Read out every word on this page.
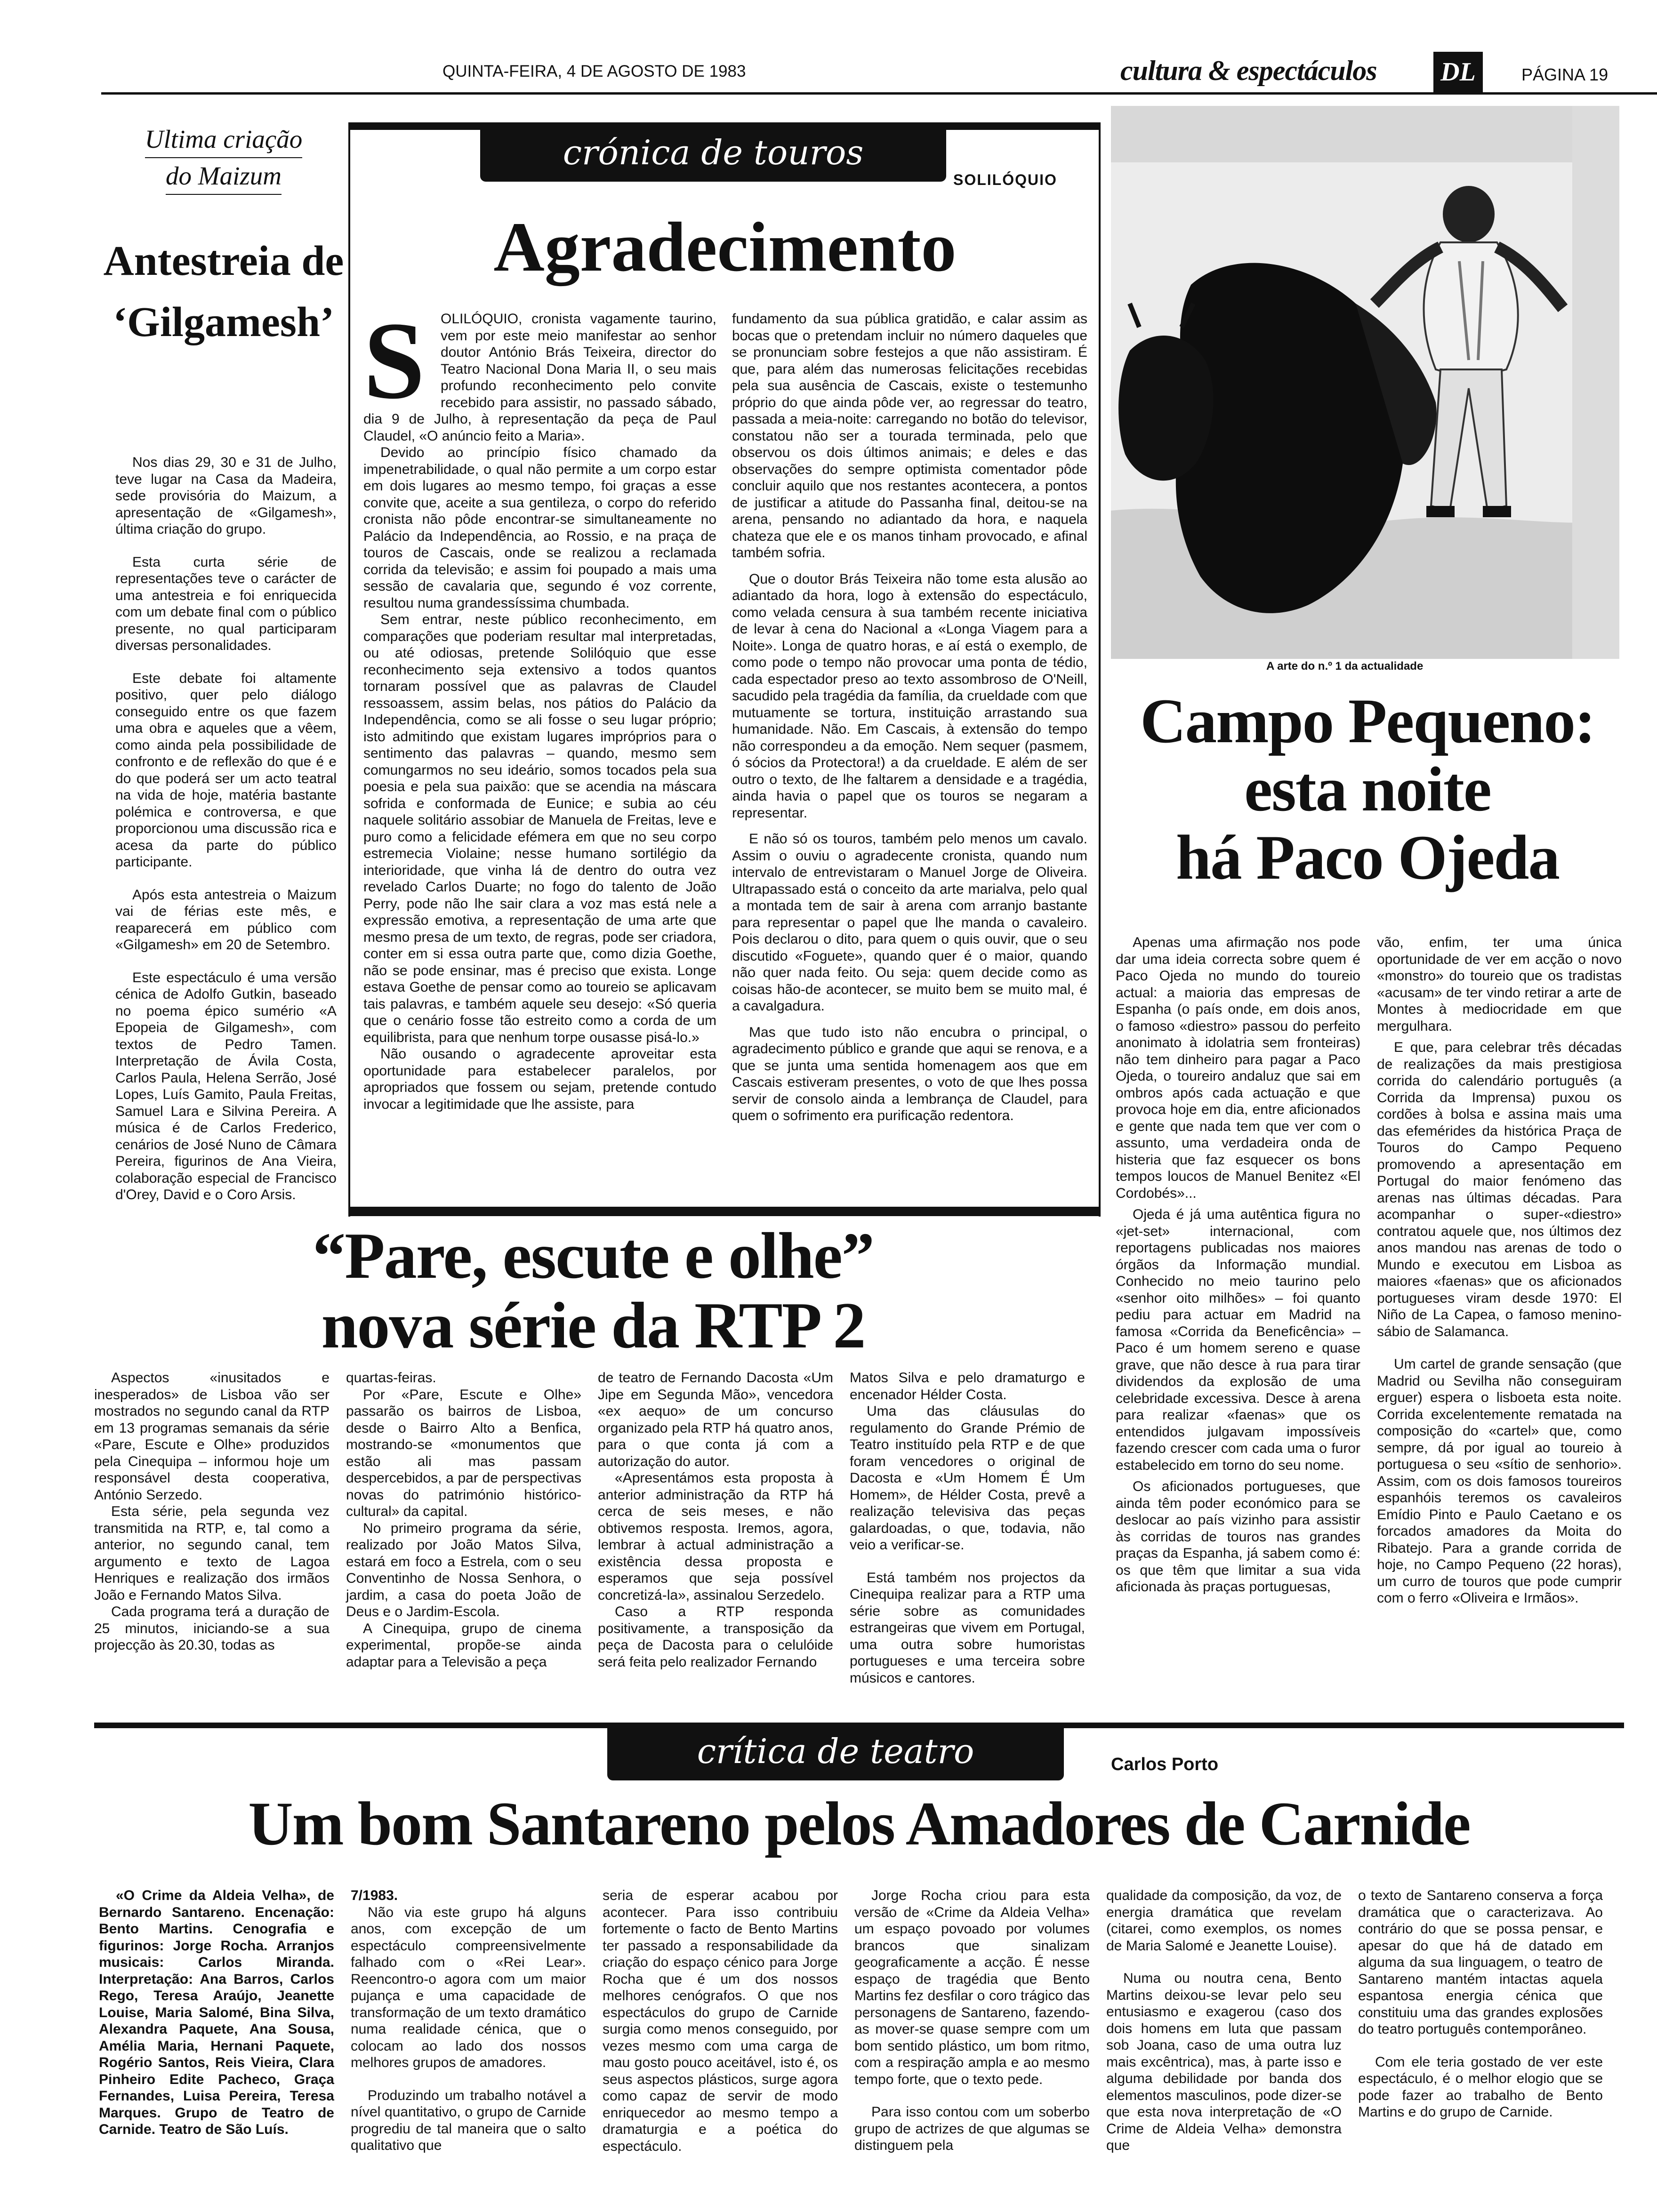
QUINTA-FEIRA, 4 DE AGOSTO DE 1983	cultura & espectáculos DL	PÁGINA 19
Ultima criação
do Maizum
Antestreia de ‘Gilgamesh’

Nos dias 29, 30 e 31 de Julho, teve lugar na Casa da Madeira, sede provisória do Maizum, a apresentação de «Gilgamesh», última criação do grupo.

Esta curta série de representações teve o carácter de uma antestreia e foi enriquecida com um debate final com o público presente, no qual participaram diversas personalidades.

Este debate foi altamente positivo, quer pelo diálogo conseguido entre os que fazem uma obra e aqueles que a vêem, como ainda pela possibilidade de confronto e de reflexão do que é e do que poderá ser um acto teatral na vida de hoje, matéria bastante polémica e controversa, e que proporcionou uma discussão rica e acesa da parte do público participante.

Após esta antestreia o Maizum vai de férias este mês, e reaparecerá em público com «Gilgamesh» em 20 de Setembro.

Este espectáculo é uma versão cénica de Adolfo Gutkin, baseado no poema épico sumério «A Epopeia de Gilgamesh», com textos de Pedro Tamen. Interpretação de Ávila Costa, Carlos Paula, Helena Serrão, José Lopes, Luís Gamito, Paula Freitas, Samuel Lara e Silvina Pereira. A música é de Carlos Frederico, cenários de José Nuno de Câmara Pereira, figurinos de Ana Vieira, colaboração especial de Francisco d'Orey, David e o Coro Arsis.

crónica de touros
SOLILÓQUIO
Agradecimento
S	OLILÓQUIO, cronista vagamente taurino, vem por este meio manifestar ao senhor doutor António Brás Teixeira, director do Teatro Nacional Dona Maria II, o seu mais profundo reconhecimento pelo convite recebido para assistir, no passado sábado, dia 9 de Julho, à representação da peça de Paul Claudel, «O anúncio feito a Maria».

Devido ao princípio físico chamado da impenetrabilidade, o qual não permite a um corpo estar em dois lugares ao mesmo tempo, foi graças a esse convite que, aceite a sua gentileza, o corpo do referido cronista não pôde encontrar-se simultaneamente no Palácio da Independência, ao Rossio, e na praça de touros de Cascais, onde se realizou a reclamada corrida da televisão; e assim foi poupado a mais uma sessão de cavalaria que, segundo é voz corrente, resultou numa grandessíssima chumbada.

Sem entrar, neste público reconhecimento, em comparações que poderiam resultar mal interpretadas, ou até odiosas, pretende Solilóquio que esse reconhecimento seja extensivo a todos quantos tornaram possível que as palavras de Claudel ressoassem, assim belas, nos pátios do Palácio da Independência, como se ali fosse o seu lugar próprio; isto admitindo que existam lugares impróprios para o sentimento das palavras – quando, mesmo sem comungarmos no seu ideário, somos tocados pela sua poesia e pela sua paixão: que se acendia na máscara sofrida e conformada de Eunice; e subia ao céu naquele solitário assobiar de Manuela de Freitas, leve e puro como a felicidade efémera em que no seu corpo estremecia Violaine; nesse humano sortilégio da interioridade, que vinha lá de dentro do outra vez revelado Carlos Duarte; no fogo do talento de João Perry, pode não lhe sair clara a voz mas está nele a expressão emotiva, a representação de uma arte que mesmo presa de um texto, de regras, pode ser criadora, conter em si essa outra parte que, como dizia Goethe, não se pode ensinar, mas é preciso que exista. Longe estava Goethe de pensar como ao toureio se aplicavam tais palavras, e também aquele seu desejo: «Só queria que o cenário fosse tão estreito como a corda de um equilibrista, para que nenhum torpe ousasse pisá-lo.»

Não ousando o agradecente aproveitar esta oportunidade para estabelecer paralelos, por apropriados que fossem ou sejam, pretende contudo invocar a legitimidade que lhe assiste, para

fundamento da sua pública gratidão, e calar assim as bocas que o pretendam incluir no número daqueles que se pronunciam sobre festejos a que não assistiram. É que, para além das numerosas felicitações recebidas pela sua ausência de Cascais, existe o testemunho próprio do que ainda pôde ver, ao regressar do teatro, passada a meia-noite: carregando no botão do televisor, constatou não ser a tourada terminada, pelo que observou os dois últimos animais; e deles e das observações do sempre optimista comentador pôde concluir aquilo que nos restantes acontecera, a pontos de justificar a atitude do Passanha final, deitou-se na arena, pensando no adiantado da hora, e naquela chateza que ele e os manos tinham provocado, e afinal também sofria.

Que o doutor Brás Teixeira não tome esta alusão ao adiantado da hora, logo à extensão do espectáculo, como velada censura à sua também recente iniciativa de levar à cena do Nacional a «Longa Viagem para a Noite». Longa de quatro horas, e aí está o exemplo, de como pode o tempo não provocar uma ponta de tédio, cada espectador preso ao texto assombroso de O'Neill, sacudido pela tragédia da família, da crueldade com que mutuamente se tortura, instituição arrastando sua humanidade. Não. Em Cascais, à extensão do tempo não correspondeu a da emoção. Nem sequer (pasmem, ó sócios da Protectora!) a da crueldade. E além de ser outro o texto, de lhe faltarem a densidade e a tragédia, ainda havia o papel que os touros se negaram a representar.

E não só os touros, também pelo menos um cavalo. Assim o ouviu o agradecente cronista, quando num intervalo de entrevistaram o Manuel Jorge de Oliveira. Ultrapassado está o conceito da arte marialva, pelo qual a montada tem de sair à arena com arranjo bastante para representar o papel que lhe manda o cavaleiro. Pois declarou o dito, para quem o quis ouvir, que o seu discutido «Foguete», quando quer é o maior, quando não quer nada feito. Ou seja: quem decide como as coisas hão-de acontecer, se muito bem se muito mal, é a cavalgadura.

Mas que tudo isto não encubra o principal, o agradecimento público e grande que aqui se renova, e a que se junta uma sentida homenagem aos que em Cascais estiveram presentes, o voto de que lhes possa servir de consolo ainda a lembrança de Claudel, para quem o sofrimento era purificação redentora.

A arte do n.º 1 da actualidade
Campo Pequeno:
esta noite
há Paco Ojeda

Apenas uma afirmação nos pode dar uma ideia correcta sobre quem é Paco Ojeda no mundo do toureio actual: a maioria das empresas de Espanha (o país onde, em dois anos, o famoso «diestro» passou do perfeito anonimato à idolatria sem fronteiras) não tem dinheiro para pagar a Paco Ojeda, o toureiro andaluz que sai em ombros após cada actuação e que provoca hoje em dia, entre aficionados e gente que nada tem que ver com o assunto, uma verdadeira onda de histeria que faz esquecer os bons tempos loucos de Manuel Benitez «El Cordobés»...

Ojeda é já uma autêntica figura no «jet-set» internacional, com reportagens publicadas nos maiores órgãos da Informação mundial. Conhecido no meio taurino pelo «senhor oito milhões» – foi quanto pediu para actuar em Madrid na famosa «Corrida da Beneficência» – Paco é um homem sereno e quase grave, que não desce à rua para tirar dividendos da explosão de uma celebridade excessiva. Desce à arena para realizar «faenas» que os entendidos julgavam impossíveis fazendo crescer com cada uma o furor estabelecido em torno do seu nome.

Os aficionados portugueses, que ainda têm poder económico para se deslocar ao país vizinho para assistir às corridas de touros nas grandes praças da Espanha, já sabem como é: os que têm que limitar a sua vida aficionada às praças portuguesas,

vão, enfim, ter uma única oportunidade de ver em acção o novo «monstro» do toureio que os tradistas «acusam» de ter vindo retirar a arte de Montes à mediocridade em que mergulhara.

E que, para celebrar três décadas de realizações da mais prestigiosa corrida do calendário português (a Corrida da Imprensa) puxou os cordões à bolsa e assina mais uma das efemérides da histórica Praça de Touros do Campo Pequeno promovendo a apresentação em Portugal do maior fenómeno das arenas nas últimas décadas. Para acompanhar o super-«diestro» contratou aquele que, nos últimos dez anos mandou nas arenas de todo o Mundo e executou em Lisboa as maiores «faenas» que os aficionados portugueses viram desde 1970: El Niño de La Capea, o famoso menino-sábio de Salamanca.

Um cartel de grande sensação (que Madrid ou Sevilha não conseguiram erguer) espera o lisboeta esta noite. Corrida excelentemente rematada na composição do «cartel» que, como sempre, dá por igual ao toureio à portuguesa o seu «sítio de senhorio». Assim, com os dois famosos toureiros espanhóis teremos os cavaleiros Emídio Pinto e Paulo Caetano e os forcados amadores da Moita do Ribatejo. Para a grande corrida de hoje, no Campo Pequeno (22 horas), um curro de touros que pode cumprir com o ferro «Oliveira e Irmãos».

“Pare, escute e olhe”
nova série da RTP 2

Aspectos «inusitados e inesperados» de Lisboa vão ser mostrados no segundo canal da RTP em 13 programas semanais da série «Pare, Escute e Olhe» produzidos pela Cinequipa – informou hoje um responsável desta cooperativa, António Serzedo.

Esta série, pela segunda vez transmitida na RTP, e, tal como a anterior, no segundo canal, tem argumento e texto de Lagoa Henriques e realização dos irmãos João e Fernando Matos Silva.

Cada programa terá a duração de 25 minutos, iniciando-se a sua projecção às 20.30, todas as

quartas-feiras.

Por «Pare, Escute e Olhe» passarão os bairros de Lisboa, desde o Bairro Alto a Benfica, mostrando-se «monumentos que estão ali mas passam despercebidos, a par de perspectivas novas do património histórico-cultural» da capital.

No primeiro programa da série, realizado por João Matos Silva, estará em foco a Estrela, com o seu Conventinho de Nossa Senhora, o jardim, a casa do poeta João de Deus e o Jardim-Escola.

A Cinequipa, grupo de cinema experimental, propõe-se ainda adaptar para a Televisão a peça

de teatro de Fernando Dacosta «Um Jipe em Segunda Mão», vencedora «ex aequo» de um concurso organizado pela RTP há quatro anos, para o que conta já com a autorização do autor.

«Apresentámos esta proposta à anterior administração da RTP há cerca de seis meses, e não obtivemos resposta. Iremos, agora, lembrar à actual administração a existência dessa proposta e esperamos que seja possível concretizá-la», assinalou Serzedelo.

Caso a RTP responda positivamente, a transposição da peça de Dacosta para o celulóide será feita pelo realizador Fernando

Matos Silva e pelo dramaturgo e encenador Hélder Costa.

Uma das cláusulas do regulamento do Grande Prémio de Teatro instituído pela RTP e de que foram vencedores o original de Dacosta e «Um Homem É Um Homem», de Hélder Costa, prevê a realização televisiva das peças galardoadas, o que, todavia, não veio a verificar-se.

Está também nos projectos da Cinequipa realizar para a RTP uma série sobre as comunidades estrangeiras que vivem em Portugal, uma outra sobre humoristas portugueses e uma terceira sobre músicos e cantores.

crítica de teatro	Carlos Porto
Um bom Santareno pelos Amadores de Carnide

«O Crime da Aldeia Velha», de Bernardo Santareno. Encenação: Bento Martins. Cenografia e figurinos: Jorge Rocha. Arranjos musicais: Carlos Miranda. Interpretação: Ana Barros, Carlos Rego, Teresa Araújo, Jeanette Louise, Maria Salomé, Bina Silva, Alexandra Paquete, Ana Sousa, Amélia Maria, Hernani Paquete, Rogério Santos, Reis Vieira, Clara Pinheiro Edite Pacheco, Graça Fernandes, Luisa Pereira, Teresa Marques. Grupo de Teatro de Carnide. Teatro de São Luís.

7/1983.

Não via este grupo há alguns anos, com excepção de um espectáculo compreensivelmente falhado com o «Rei Lear». Reencontro-o agora com um maior pujança e uma capacidade de transformação de um texto dramático numa realidade cénica, que o colocam ao lado dos nossos melhores grupos de amadores.

Produzindo um trabalho notável a nível quantitativo, o grupo de Carnide progrediu de tal maneira que o salto qualitativo que

seria de esperar acabou por acontecer. Para isso contribuiu fortemente o facto de Bento Martins ter passado a responsabilidade da criação do espaço cénico para Jorge Rocha que é um dos nossos melhores cenógrafos. O que nos espectáculos do grupo de Carnide surgia como menos conseguido, por vezes mesmo com uma carga de mau gosto pouco aceitável, isto é, os seus aspectos plásticos, surge agora como capaz de servir de modo enriquecedor ao mesmo tempo a dramaturgia e a poética do espectáculo.

Jorge Rocha criou para esta versão de «Crime da Aldeia Velha» um espaço povoado por volumes brancos que sinalizam geograficamente a acção. É nesse espaço de tragédia que Bento Martins fez desfilar o coro trágico das personagens de Santareno, fazendo-as mover-se quase sempre com um bom sentido plástico, um bom ritmo, com a respiração ampla e ao mesmo tempo forte, que o texto pede.

Para isso contou com um soberbo grupo de actrizes de que algumas se distinguem pela

qualidade da composição, da voz, de energia dramática que revelam (citarei, como exemplos, os nomes de Maria Salomé e Jeanette Louise).

Numa ou noutra cena, Bento Martins deixou-se levar pelo seu entusiasmo e exagerou (caso dos dois homens em luta que passam sob Joana, caso de uma outra luz mais excêntrica), mas, à parte isso e alguma debilidade por banda dos elementos masculinos, pode dizer-se que esta nova interpretação de «O Crime de Aldeia Velha» demonstra que

o texto de Santareno conserva a força dramática que o caracterizava. Ao contrário do que se possa pensar, e apesar do que há de datado em alguma da sua linguagem, o teatro de Santareno mantém intactas aquela espantosa energia cénica que constituiu uma das grandes explosões do teatro português contemporâneo.

Com ele teria gostado de ver este espectáculo, é o melhor elogio que se pode fazer ao trabalho de Bento Martins e do grupo de Carnide.
